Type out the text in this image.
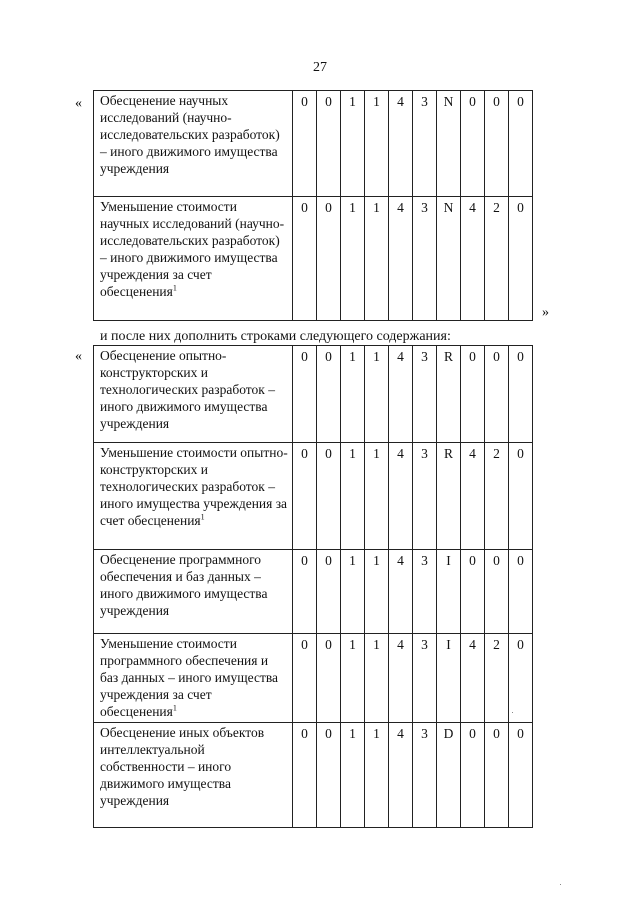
27
«
»
«
Обесценение научных исследований (научно-исследовательских разработок) – иного движимого имущества учреждения	0	0	1	1	4	3	N	0	0	0
Уменьшение стоимости научных исследований (научно-исследовательских разработок) – иного движимого имущества учреждения за счет обесценения$^1$	0	0	1	1	4	3	N	4	2	0
и после них дополнить строками следующего содержания:
Обесценение опытно-конструкторских и технологических разработок – иного движимого имущества учреждения	0	0	1	1	4	3	R	0	0	0
Уменьшение стоимости опытно-конструкторских и технологических разработок – иного имущества учреждения за счет обесценения$^1$	0	0	1	1	4	3	R	4	2	0
Обесценение программного обеспечения и баз данных – иного движимого имущества учреждения	0	0	1	1	4	3	I	0	0	0
Уменьшение стоимости программного обеспечения и баз данных – иного имущества учреждения за счет обесценения$^1$	0	0	1	1	4	3	I	4	2	0
Обесценение иных объектов интеллектуальной собственности – иного движимого имущества учреждения	0	0	1	1	4	3	D	0	0	0
